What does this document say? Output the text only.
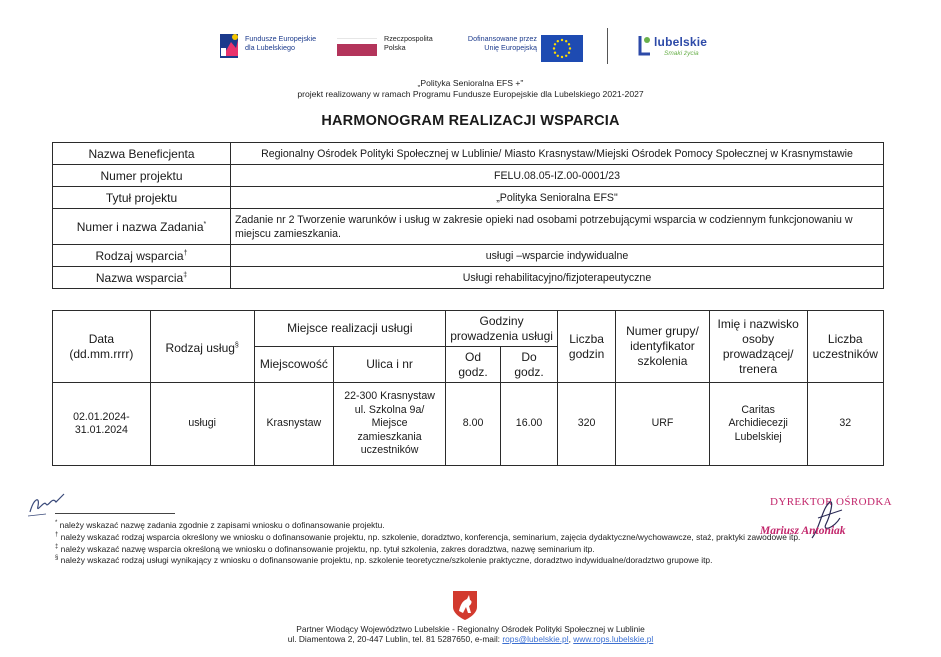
Fundusze Europejskie
dla Lubelskiego
Rzeczpospolita
Polska
Dofinansowane przez
Unię Europejską	lubelskie
Smaki życia
„Polityka Senioralna EFS +"
projekt realizowany w ramach Programu Fundusze Europejskie dla Lubelskiego 2021-2027
HARMONOGRAM REALIZACJI WSPARCIA
Nazwa Beneficjenta	Regionalny Ośrodek Polityki Społecznej w Lublinie/ Miasto Krasnystaw/Miejski Ośrodek Pomocy Społecznej w Krasnymstawie
Numer projektu	FELU.08.05-IZ.00-0001/23
Tytuł projektu	„Polityka Senioralna EFS"
Numer i nazwa Zadania*	Zadanie nr 2 Tworzenie warunków i usług w zakresie opieki nad osobami potrzebującymi wsparcia w codziennym funkcjonowaniu w miejscu zamieszkania.
Rodzaj wsparcia†	usługi –wsparcie indywidualne
Nazwa wsparcia‡	Usługi rehabilitacyjno/fizjoterapeutyczne
Data (dd.mm.rrrr)	Rodzaj usług§	Miejsce realizacji usługi		Godziny prowadzenia usługi		Liczba godzin	Numer grupy/ identyfikator szkolenia	Imię i nazwisko osoby prowadzącej/ trenera	Liczba uczestników
		Miejscowość	Ulica i nr	Od godz.	Do godz.				
02.01.2024-31.01.2024	usługi	Krasnystaw	22-300 Krasnystaw ul. Szkolna 9a/ Miejsce zamieszkania uczestników	8.00	16.00	320	URF	Caritas Archidiecezji Lubelskiej	32
DYREKTOR OŚRODKA
Mariusz Antoniak
* należy wskazać nazwę zadania zgodnie z zapisami wniosku o dofinansowanie projektu.
† należy wskazać rodzaj wsparcia określony we wniosku o dofinansowanie projektu, np. szkolenie, doradztwo, konferencja, seminarium, zajęcia dydaktyczne/wychowawcze, staż, praktyki zawodowe itp.
‡ należy wskazać nazwę wsparcia określoną we wniosku o dofinansowanie projektu, np. tytuł szkolenia, zakres doradztwa, nazwę seminarium itp.
§ należy wskazać rodzaj usługi wynikający z wniosku o dofinansowanie projektu, np. szkolenie teoretyczne/szkolenie praktyczne, doradztwo indywidualne/doradztwo grupowe itp.
Partner Wiodący Województwo Lubelskie - Regionalny Ośrodek Polityki Społecznej w Lublinie
ul. Diamentowa 2, 20-447 Lublin, tel. 81 5287650, e-mail: rops@lubelskie.pl, www.rops.lubelskie.pl
